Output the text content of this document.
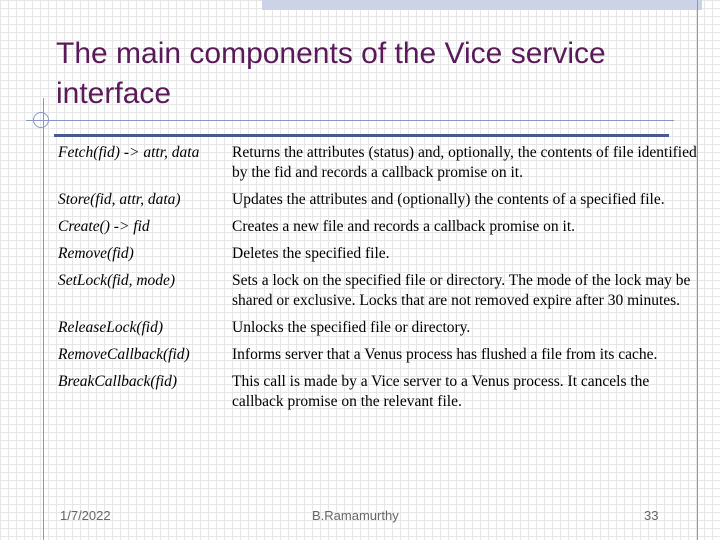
The main components of the Vice service interface
Fetch(fid) -> attr, data	Returns the attributes (status) and, optionally, the contents of file identified by the fid and records a callback promise on it.
Store(fid, attr, data)	Updates the attributes and (optionally) the contents of a specified file.
Create() -> fid	Creates a new file and records a callback promise on it.
Remove(fid)	Deletes the specified file.
SetLock(fid, mode)	Sets a lock on the specified file or directory. The mode of the lock may be shared or exclusive. Locks that are not removed expire after 30 minutes.
ReleaseLock(fid)	Unlocks the specified file or directory.
RemoveCallback(fid)	Informs server that a Venus process has flushed a file from its cache.
BreakCallback(fid)	This call is made by a Vice server to a Venus process. It cancels the callback promise on the relevant file.
1/7/2022	B.Ramamurthy	33
